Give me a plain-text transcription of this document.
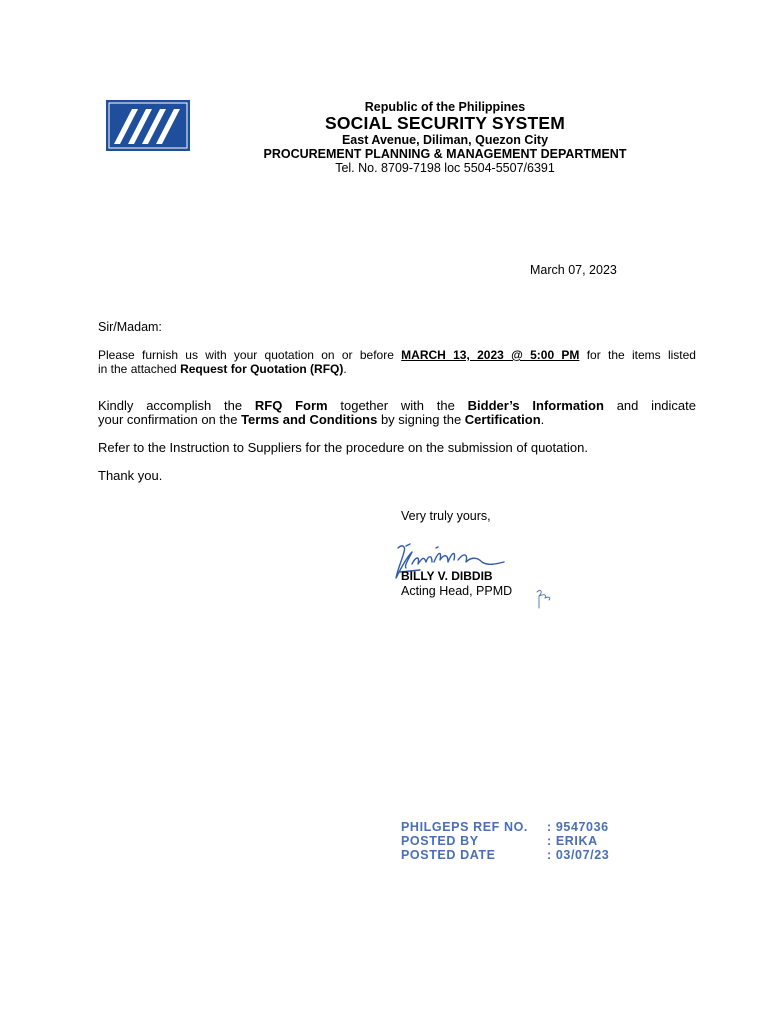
Republic of the Philippines
SOCIAL SECURITY SYSTEM
East Avenue, Diliman, Quezon City
PROCUREMENT PLANNING & MANAGEMENT DEPARTMENT
Tel. No. 8709-7198 loc 5504-5507/6391
March 07, 2023
Sir/Madam:
Please furnish us with your quotation on or before MARCH 13, 2023 @ 5:00 PM for the items listed
in the attached Request for Quotation (RFQ).
Kindly accomplish the RFQ Form together with the Bidder’s Information and indicate
your confirmation on the Terms and Conditions by signing the Certification.
Refer to the Instruction to Suppliers for the procedure on the submission of quotation.
Thank you.
Very truly yours,
BILLY V. DIBDIB
Acting Head, PPMD
PHILGEPS REF NO. : 9547036
POSTED BY	: ERIKA
POSTED DATE	: 03/07/23
